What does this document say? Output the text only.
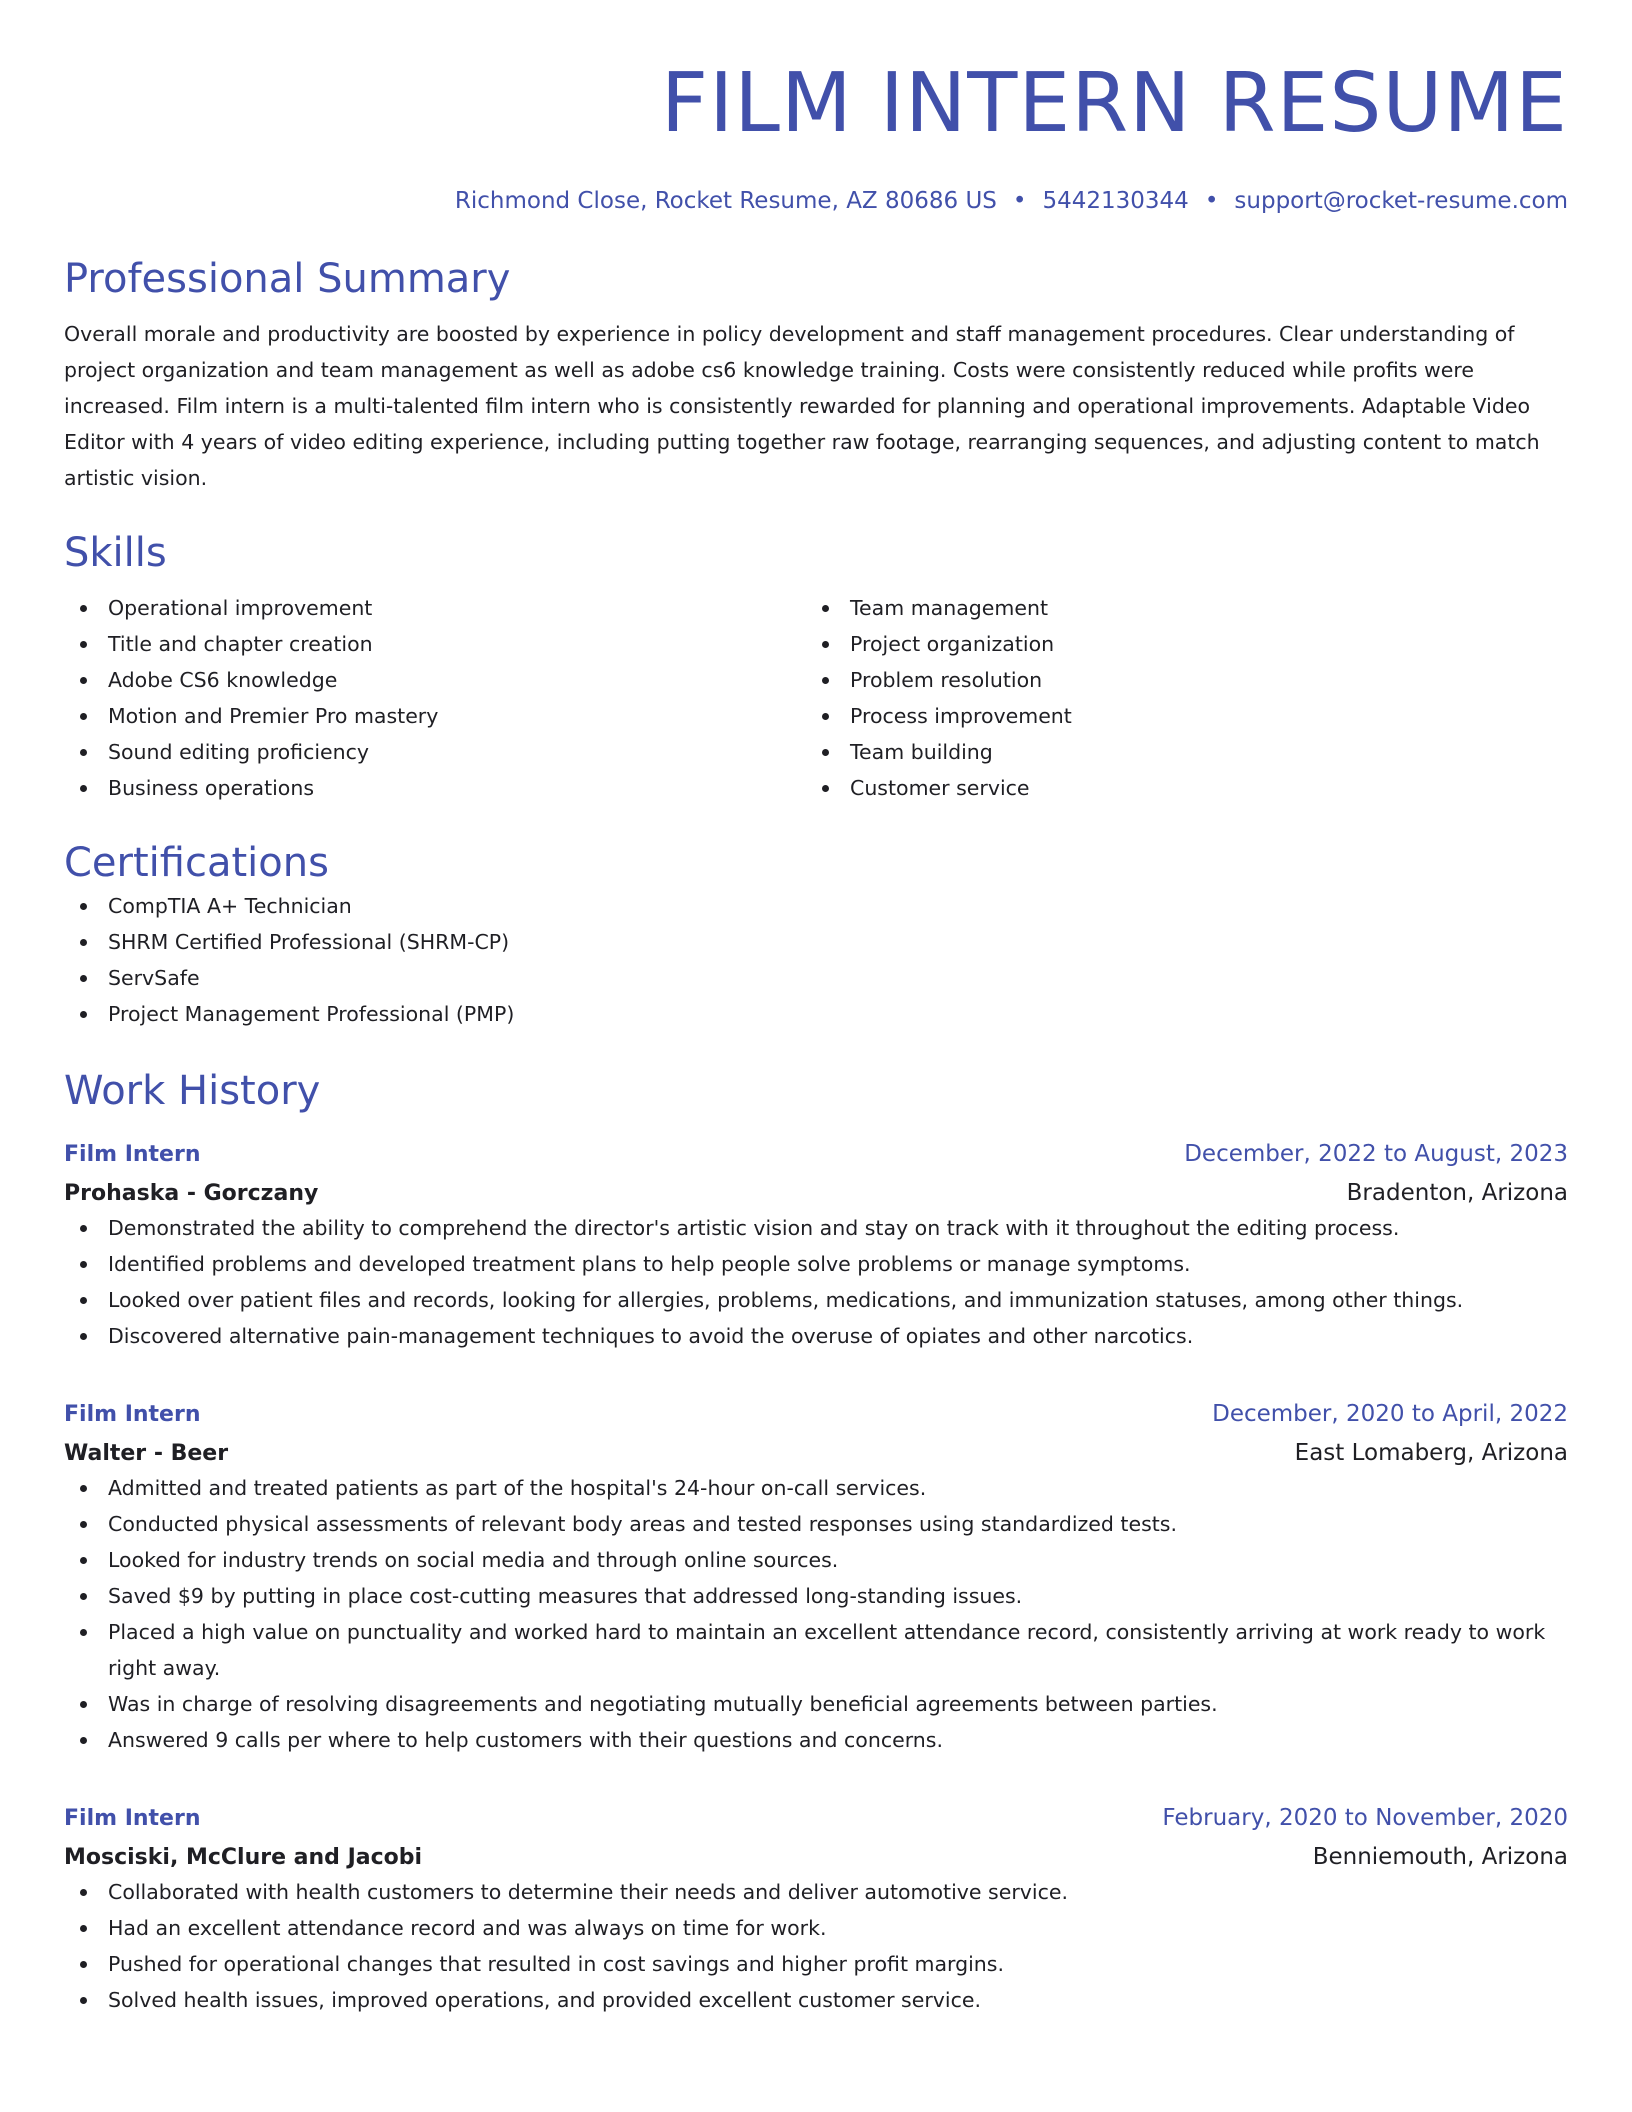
FILM INTERN RESUME
Richmond Close, Rocket Resume, AZ 80686 US • 5442130344 • support@rocket-resume.com
Professional Summary
Overall morale and productivity are boosted by experience in policy development and staff management procedures. Clear understanding of project organization and team management as well as adobe cs6 knowledge training. Costs were consistently reduced while profits were increased. Film intern is a multi-talented film intern who is consistently rewarded for planning and operational improvements. Adaptable Video Editor with 4 years of video editing experience, including putting together raw footage, rearranging sequences, and adjusting content to match artistic vision.
Skills
Operational improvement
Title and chapter creation
Adobe CS6 knowledge
Motion and Premier Pro mastery
Sound editing proficiency
Business operations
Team management
Project organization
Problem resolution
Process improvement
Team building
Customer service
Certifications
CompTIA A+ Technician
SHRM Certified Professional (SHRM-CP)
ServSafe
Project Management Professional (PMP)
Work History
Film Intern	December, 2022 to August, 2023
Prohaska - Gorczany	Bradenton, Arizona
Demonstrated the ability to comprehend the director's artistic vision and stay on track with it throughout the editing process.
Identified problems and developed treatment plans to help people solve problems or manage symptoms.
Looked over patient files and records, looking for allergies, problems, medications, and immunization statuses, among other things.
Discovered alternative pain-management techniques to avoid the overuse of opiates and other narcotics.
Film Intern	December, 2020 to April, 2022
Walter - Beer	East Lomaberg, Arizona
Admitted and treated patients as part of the hospital's 24-hour on-call services.
Conducted physical assessments of relevant body areas and tested responses using standardized tests.
Looked for industry trends on social media and through online sources.
Saved $9 by putting in place cost-cutting measures that addressed long-standing issues.
Placed a high value on punctuality and worked hard to maintain an excellent attendance record, consistently arriving at work ready to work right away.
Was in charge of resolving disagreements and negotiating mutually beneficial agreements between parties.
Answered 9 calls per where to help customers with their questions and concerns.
Film Intern	February, 2020 to November, 2020
Mosciski, McClure and Jacobi	Benniemouth, Arizona
Collaborated with health customers to determine their needs and deliver automotive service.
Had an excellent attendance record and was always on time for work.
Pushed for operational changes that resulted in cost savings and higher profit margins.
Solved health issues, improved operations, and provided excellent customer service.
